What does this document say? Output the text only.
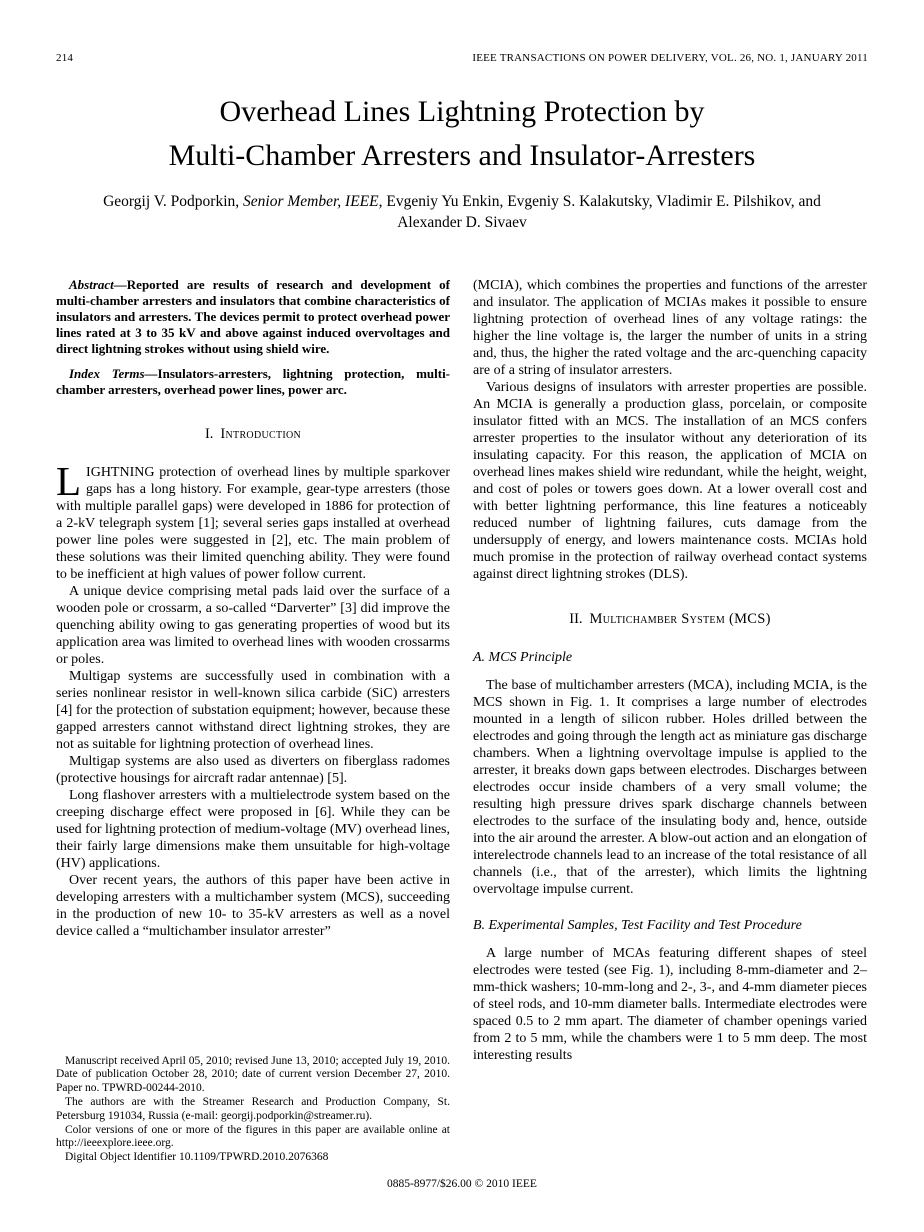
214	IEEE TRANSACTIONS ON POWER DELIVERY, VOL. 26, NO. 1, JANUARY 2011
Overhead Lines Lightning Protection by
Multi-Chamber Arresters and Insulator-Arresters
Georgij V. Podporkin, Senior Member, IEEE, Evgeniy Yu Enkin, Evgeniy S. Kalakutsky, Vladimir E. Pilshikov, and
Alexander D. Sivaev

Abstract—Reported are results of research and development of multi-chamber arresters and insulators that combine characteristics of insulators and arresters. The devices permit to protect overhead power lines rated at 3 to 35 kV and above against induced overvoltages and direct lightning strokes without using shield wire.

Index Terms—Insulators-arresters, lightning protection, multi-chamber arresters, overhead power lines, power arc.

I. Introduction

LIGHTNING protection of overhead lines by multiple sparkover gaps has a long history. For example, gear-type arresters (those with multiple parallel gaps) were developed in 1886 for protection of a 2-kV telegraph system [1]; several series gaps installed at overhead power line poles were suggested in [2], etc. The main problem of these solutions was their limited quenching ability. They were found to be inefficient at high values of power follow current.

A unique device comprising metal pads laid over the surface of a wooden pole or crossarm, a so-called “Darverter” [3] did improve the quenching ability owing to gas generating properties of wood but its application area was limited to overhead lines with wooden crossarms or poles.

Multigap systems are successfully used in combination with a series nonlinear resistor in well-known silica carbide (SiC) arresters [4] for the protection of substation equipment; however, because these gapped arresters cannot withstand direct lightning strokes, they are not as suitable for lightning protection of overhead lines.

Multigap systems are also used as diverters on fiberglass radomes (protective housings for aircraft radar antennae) [5].

Long flashover arresters with a multielectrode system based on the creeping discharge effect were proposed in [6]. While they can be used for lightning protection of medium-voltage (MV) overhead lines, their fairly large dimensions make them unsuitable for high-voltage (HV) applications.

Over recent years, the authors of this paper have been active in developing arresters with a multichamber system (MCS), succeeding in the production of new 10- to 35-kV arresters as well as a novel device called a “multichamber insulator arrester”

Manuscript received April 05, 2010; revised June 13, 2010; accepted July 19, 2010. Date of publication October 28, 2010; date of current version December 27, 2010. Paper no. TPWRD-00244-2010.

The authors are with the Streamer Research and Production Company, St. Petersburg 191034, Russia (e-mail: georgij.podporkin@streamer.ru).

Color versions of one or more of the figures in this paper are available online at http://ieeexplore.ieee.org.

Digital Object Identifier 10.1109/TPWRD.2010.2076368

(MCIA), which combines the properties and functions of the arrester and insulator. The application of MCIAs makes it possible to ensure lightning protection of overhead lines of any voltage ratings: the higher the line voltage is, the larger the number of units in a string and, thus, the higher the rated voltage and the arc-quenching capacity are of a string of insulator arresters.

Various designs of insulators with arrester properties are possible. An MCIA is generally a production glass, porcelain, or composite insulator fitted with an MCS. The installation of an MCS confers arrester properties to the insulator without any deterioration of its insulating capacity. For this reason, the application of MCIA on overhead lines makes shield wire redundant, while the height, weight, and cost of poles or towers goes down. At a lower overall cost and with better lightning performance, this line features a noticeably reduced number of lightning failures, cuts damage from the undersupply of energy, and lowers maintenance costs. MCIAs hold much promise in the protection of railway overhead contact systems against direct lightning strokes (DLS).

II. Multichamber System (MCS)
A. MCS Principle

The base of multichamber arresters (MCA), including MCIA, is the MCS shown in Fig. 1. It comprises a large number of electrodes mounted in a length of silicon rubber. Holes drilled between the electrodes and going through the length act as miniature gas discharge chambers. When a lightning overvoltage impulse is applied to the arrester, it breaks down gaps between electrodes. Discharges between electrodes occur inside chambers of a very small volume; the resulting high pressure drives spark discharge channels between electrodes to the surface of the insulating body and, hence, outside into the air around the arrester. A blow-out action and an elongation of interelectrode channels lead to an increase of the total resistance of all channels (i.e., that of the arrester), which limits the lightning overvoltage impulse current.

B. Experimental Samples, Test Facility and Test Procedure

A large number of MCAs featuring different shapes of steel electrodes were tested (see Fig. 1), including 8-mm-diameter and 2–mm-thick washers; 10-mm-long and 2-, 3-, and 4-mm diameter pieces of steel rods, and 10-mm diameter balls. Intermediate electrodes were spaced 0.5 to 2 mm apart. The diameter of chamber openings varied from 2 to 5 mm, while the chambers were 1 to 5 mm deep. The most interesting results

0885-8977/$26.00 © 2010 IEEE
